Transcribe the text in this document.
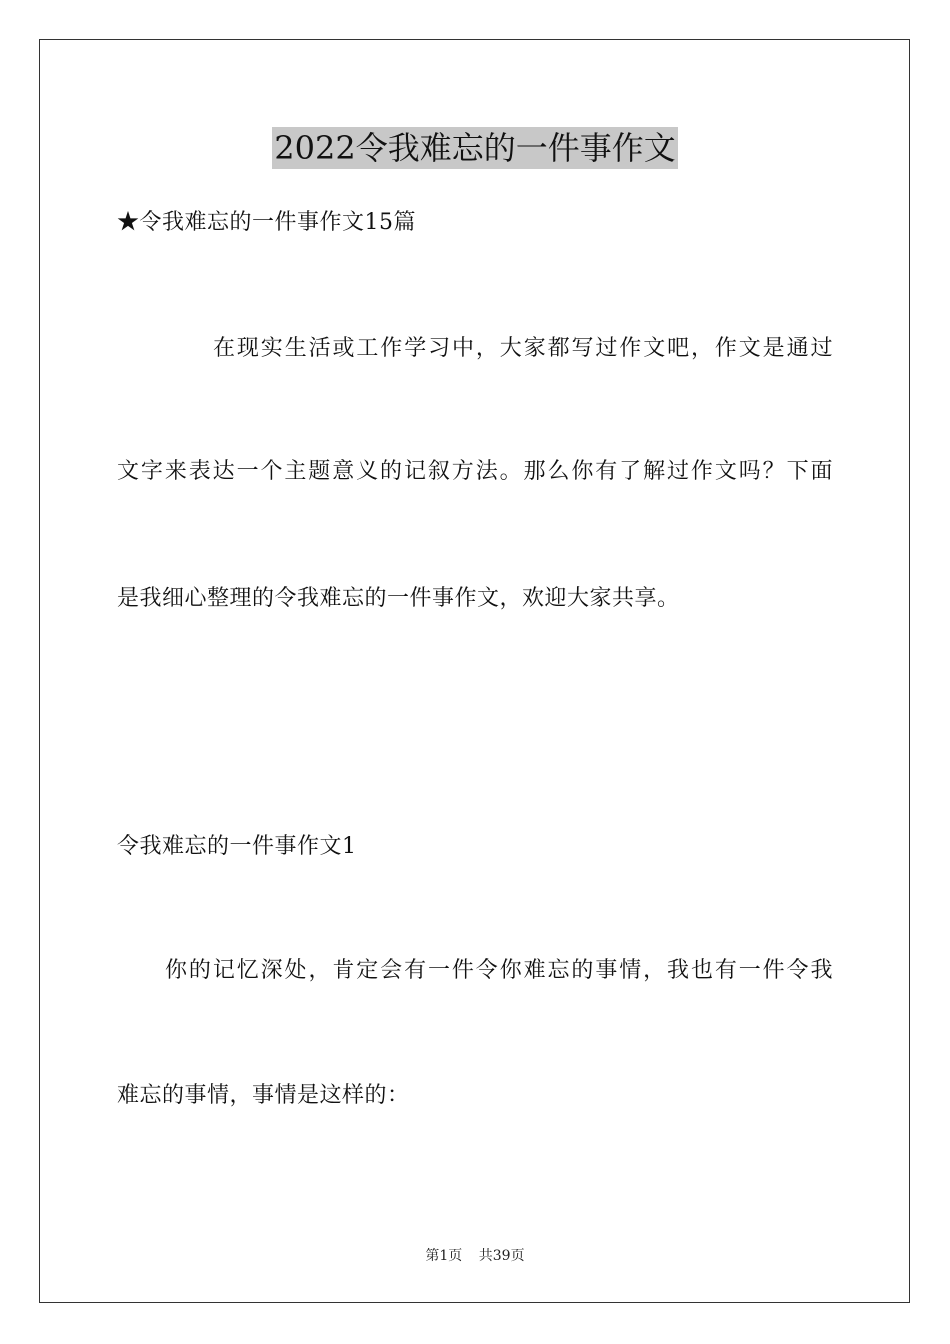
2022令我难忘的一件事作文
★令我难忘的一件事作文15篇
在现实生活或工作学习中，大家都写过作文吧，作文是通过
文字来表达一个主题意义的记叙方法。那么你有了解过作文吗？下面
是我细心整理的令我难忘的一件事作文，欢迎大家共享。
令我难忘的一件事作文1
你的记忆深处，肯定会有一件令你难忘的事情，我也有一件令我
难忘的事情，事情是这样的：
第1页 共39页
